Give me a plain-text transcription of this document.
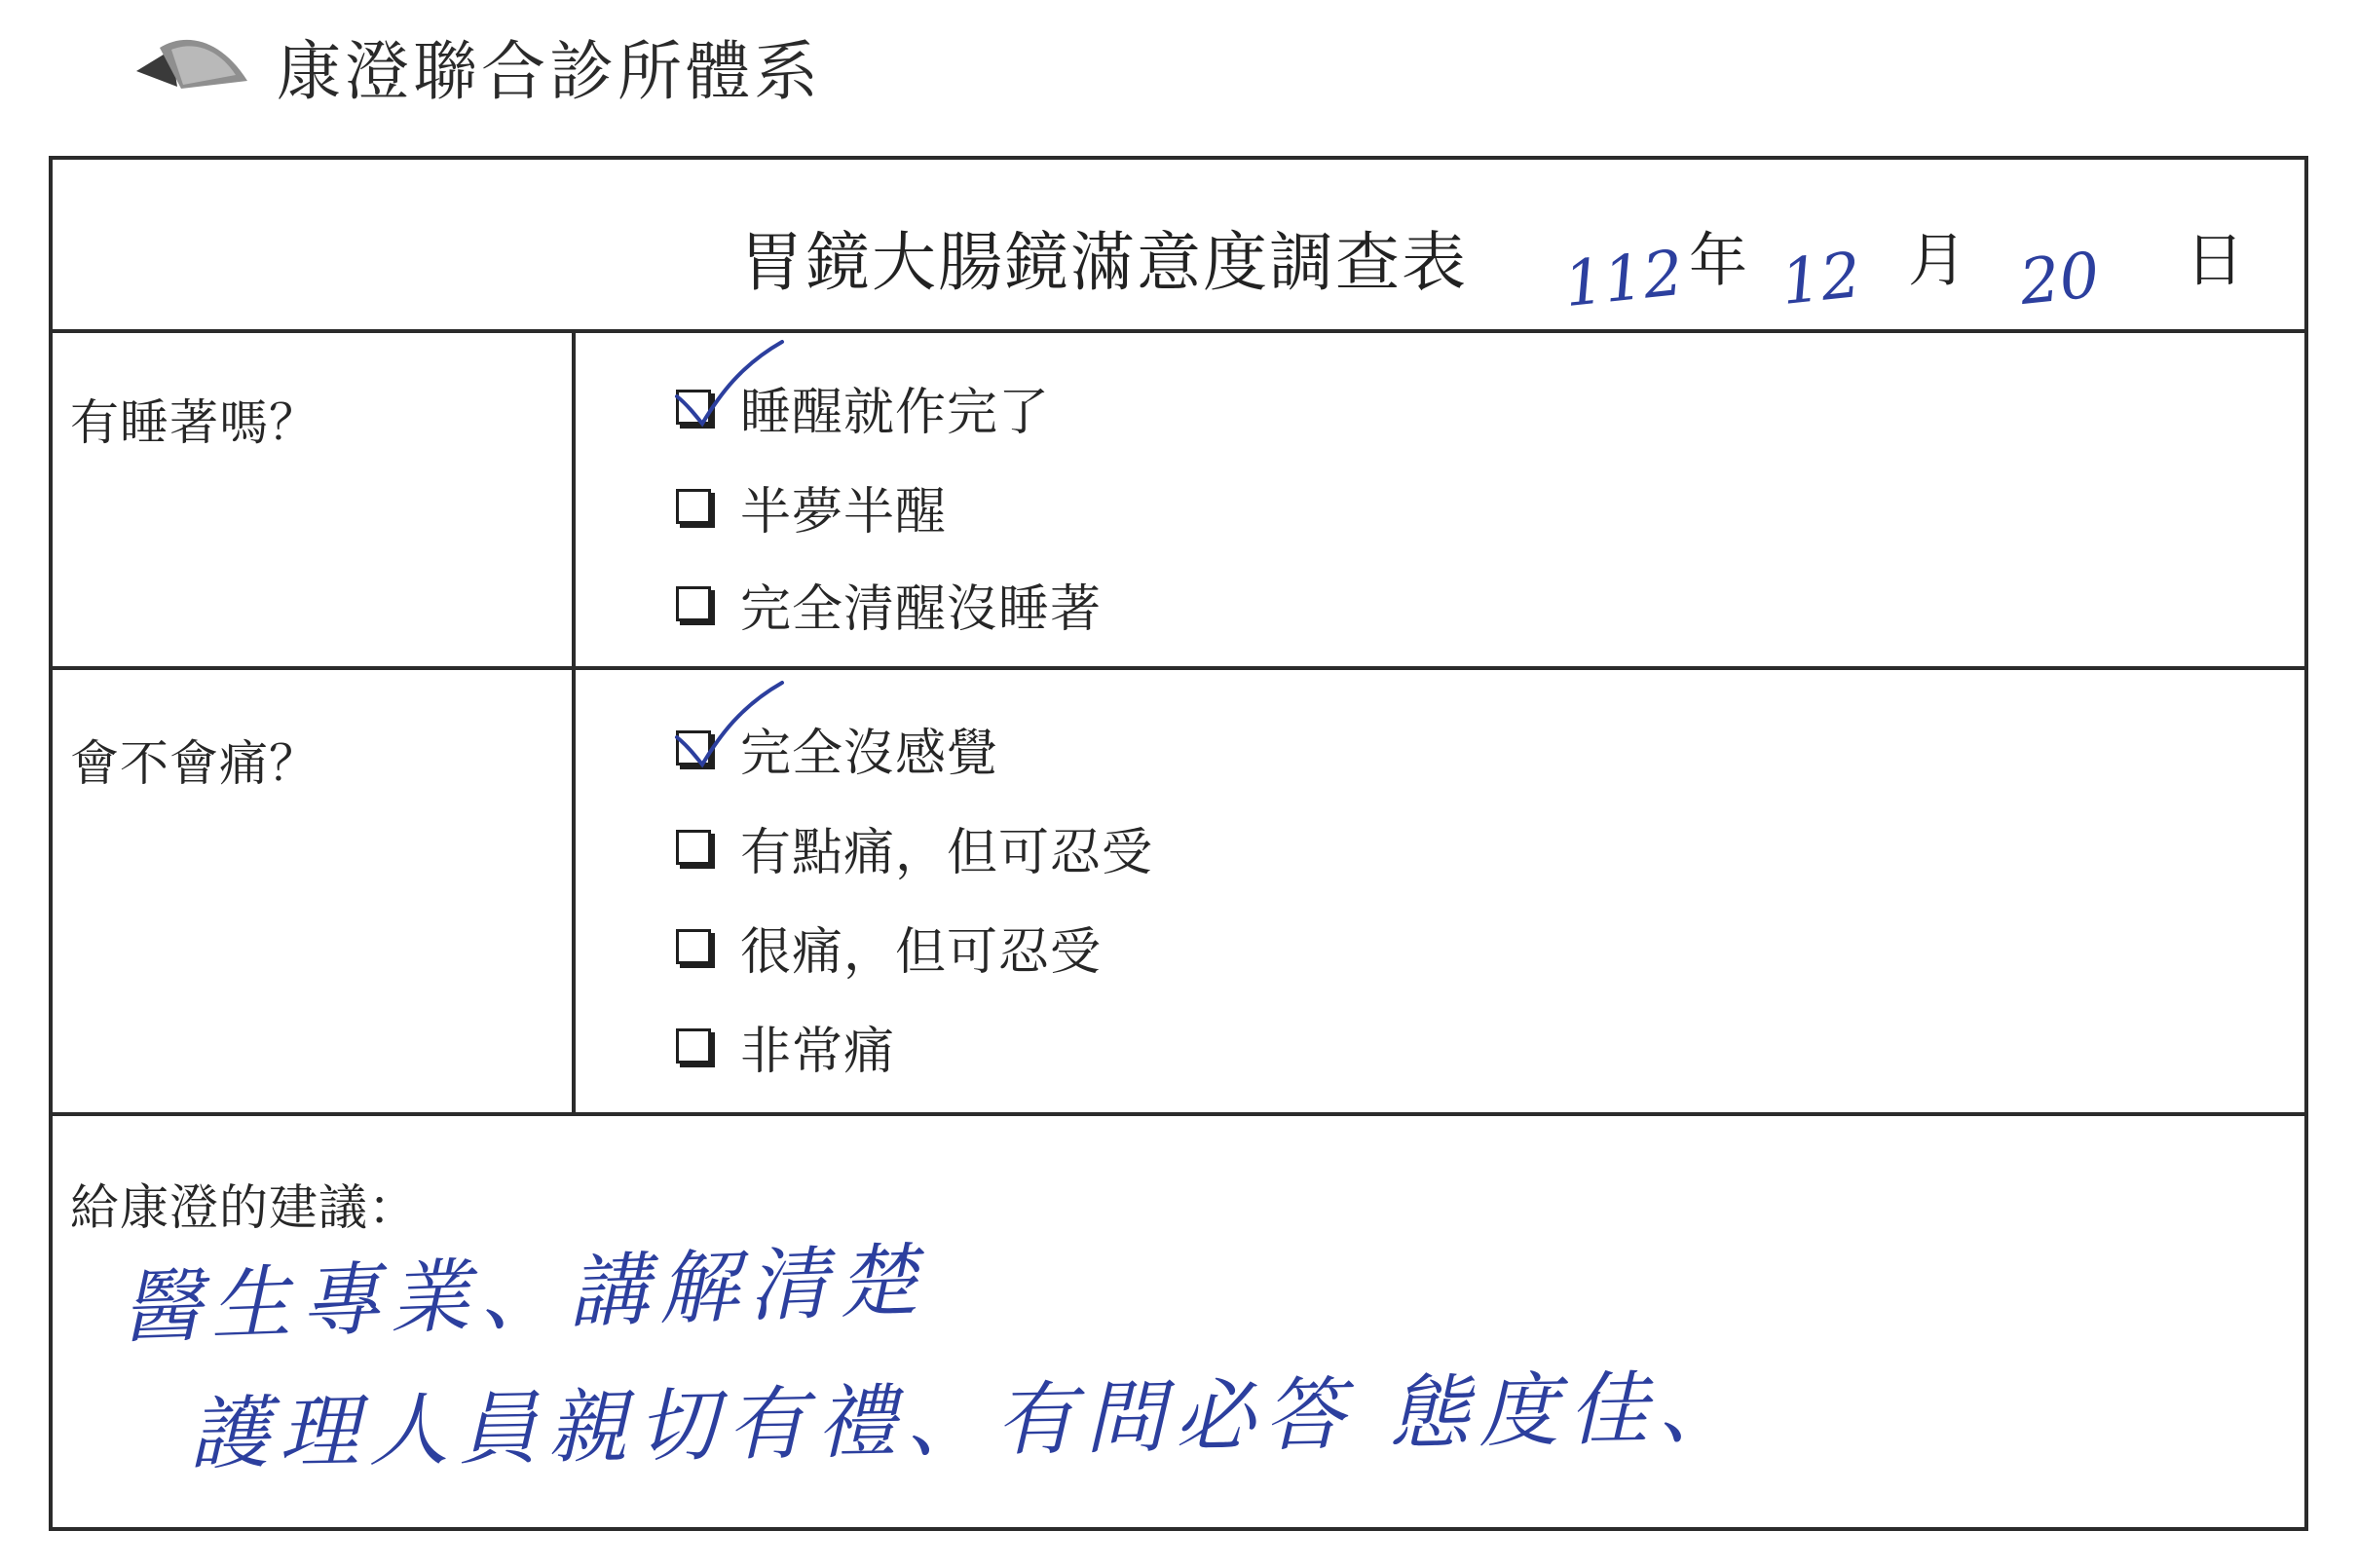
康澄聯合診所體系
胃鏡大腸鏡滿意度調查表 112 年 12 月 20 日
有睡著嗎？	睡醒就作完了
半夢半醒
完全清醒沒睡著
會不會痛？	完全沒感覺
有點痛，但可忍受
很痛，但可忍受
非常痛
給康澄的建議：
醫生專業、講解清楚
護理人員親切有禮、有問必答 態度佳、
